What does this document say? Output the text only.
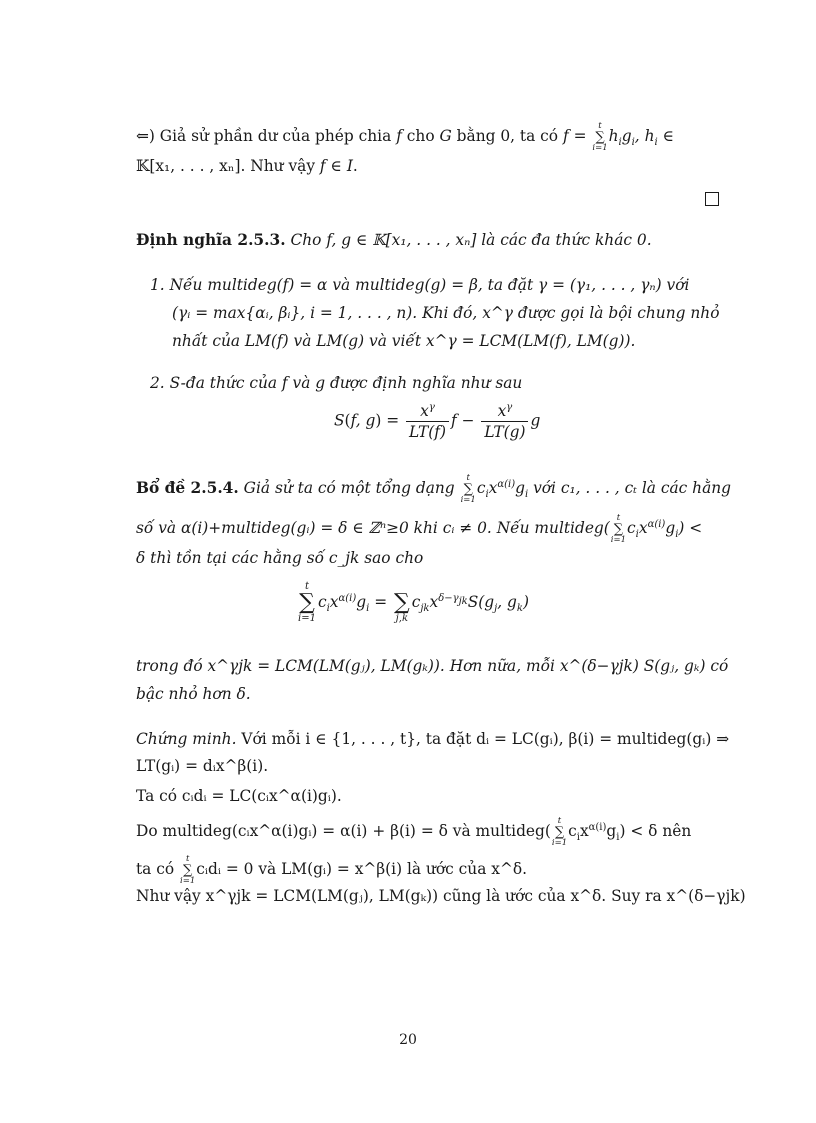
⇐) Giả sử phần dư của phép chia f cho G bằng 0, ta có f =
t
∑
i=1
$h_ig_i$, $h_i$ ∈
𝕂[x₁, . . . , xₙ]. Như vậy f ∈ I.
Định nghĩa 2.5.3. Cho f, g ∈ 𝕂[x₁, . . . , xₙ] là các đa thức khác 0.
1. Nếu multideg(f) = α và multideg(g) = β, ta đặt γ = (γ₁, . . . , γₙ) với
(γᵢ = max{αᵢ, βᵢ}, i = 1, . . . , n). Khi đó, x^γ được gọi là bội chung nhỏ
nhất của LM(f) và LM(g) và viết x^γ = LCM(LM(f), LM(g)).
2. S-đa thức của f và g được định nghĩa như sau
S(f, $g) = \frac{x^\gamma}{LT(f)}$ $f - \frac{x^\gamma}{LT(g)}$ g
Bổ đề 2.5.4. Giả sử ta có một tổng dạng
t
∑
i=1
$c_ix^{\alpha(i)}g_i$ với c₁, . . . , cₜ là các hằng
số và α(i)+multideg(gᵢ) = δ ∈ ℤⁿ≥0 khi cᵢ ≠ 0. Nếu multideg(
t
∑
i=1
$c_ix^{\alpha(i)}g_i$) <
δ thì tồn tại các hằng số c_jk sao cho
t
∑
i=1
$c_ix^{\alpha(i)}g_i$ =
∑
j,k
$c_{jk}x^{\delta-\gamma_{jk}}S(g_j$, $g_k$)
trong đó x^γjk = LCM(LM(gⱼ), LM(gₖ)). Hơn nữa, mỗi x^(δ−γjk) S(gⱼ, gₖ) có
bậc nhỏ hơn δ.
Chứng minh. Với mỗi i ∈ {1, . . . , t}, ta đặt dᵢ = LC(gᵢ), β(i) = multideg(gᵢ) ⇒
LT(gᵢ) = dᵢx^β(i).
Ta có cᵢdᵢ = LC(cᵢx^α(i)gᵢ).
Do multideg(cᵢx^α(i)gᵢ) = α(i) + β(i) = δ và multideg(
t
∑
i=1
$c_ix^{\alpha(i)}g_i) < \delta$ nên
ta có
t
∑
i=1
cᵢdᵢ = 0 và LM(gᵢ) = x^β(i) là ước của x^δ.
Như vậy x^γjk = LCM(LM(gⱼ), LM(gₖ)) cũng là ước của x^δ. Suy ra x^(δ−γjk)
20
